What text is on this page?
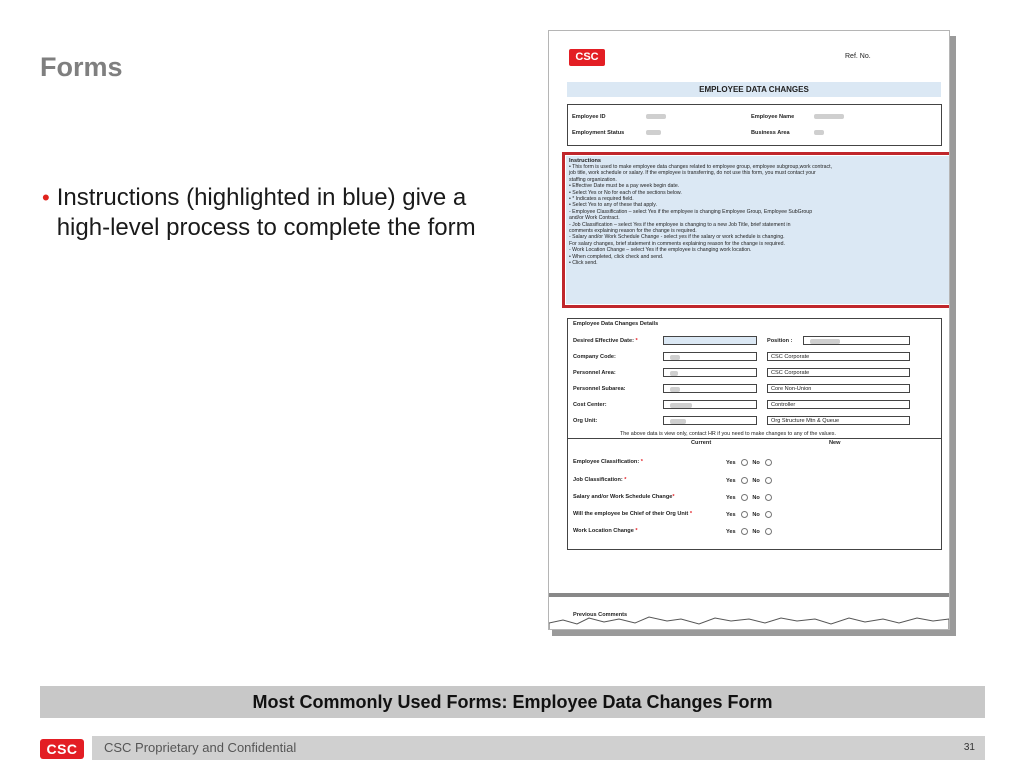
Forms
• Instructions (highlighted in blue) give a high-level process to complete the form
CSC	Ref. No.
EMPLOYEE DATA CHANGES
Employee ID	Employee Name
Employment Status	Business Area
Instructions
• This form is used to make employee data changes related to employee group, employee subgroup,work contract,
job title, work schedule or salary. If the employee is transferring, do not use this form, you must contact your
staffing organization.
• Effective Date must be a pay week begin date.
• Select Yes or No for each of the sections below.
• * Indicates a required field.
• Select Yes to any of these that apply.
- Employee Classification – select Yes if the employee is changing Employee Group, Employee SubGroup
and/or Work Contract.
- Job Classification – select Yes if the employee is changing to a new Job Title, brief statement in
comments explaining reason for the change is required.
- Salary and/or Work Schedule Change - select yes if the salary or work schedule is changing.
For salary changes, brief statement in comments explaining reason for the change is required.
- Work Location Change – select Yes if the employee is changing work location.
• When completed, click check and send.
• Click send.
Employee Data Changes Details
Desired Effective Date: *	Position :
Company Code:	CSC Corporate
Personnel Area:	CSC Corporate
Personnel Subarea:	Core Non-Union
Cost Center:	Controller
Org Unit:	Org Structure Mtn & Queue
The above data is view only, contact HR if you need to make changes to any of the values.
Current	New
Employee Classification: *	Yes	No
Job Classification: *	Yes	No
Salary and/or Work Schedule Change*	Yes	No
Will the employee be Chief of their Org Unit *	Yes	No
Work Location Change *	Yes	No
Previous Comments
Most Commonly Used Forms: Employee Data Changes Form
CSC	CSC Proprietary and Confidential	31
